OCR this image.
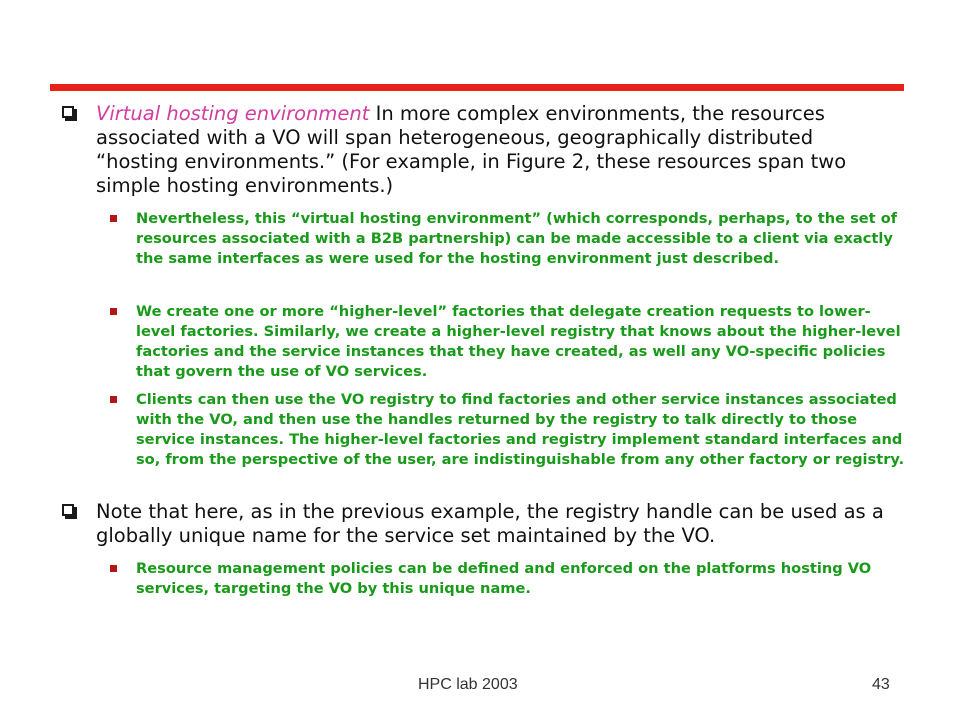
Virtual hosting environment In more complex environments, the resources associated with a VO will span heterogeneous, geographically distributed “hosting environments.” (For example, in Figure 2, these resources span two simple hosting environments.)
Nevertheless, this “virtual hosting environment” (which corresponds, perhaps, to the set of resources associated with a B2B partnership) can be made accessible to a client via exactly the same interfaces as were used for the hosting environment just described.
We create one or more “higher-level” factories that delegate creation requests to lower-level factories. Similarly, we create a higher-level registry that knows about the higher-level factories and the service instances that they have created, as well any VO-specific policies that govern the use of VO services.
Clients can then use the VO registry to find factories and other service instances associated with the VO, and then use the handles returned by the registry to talk directly to those service instances. The higher-level factories and registry implement standard interfaces and so, from the perspective of the user, are indistinguishable from any other factory or registry.
Note that here, as in the previous example, the registry handle can be used as a globally unique name for the service set maintained by the VO.
Resource management policies can be defined and enforced on the platforms hosting VO services, targeting the VO by this unique name.
HPC lab 2003	43
